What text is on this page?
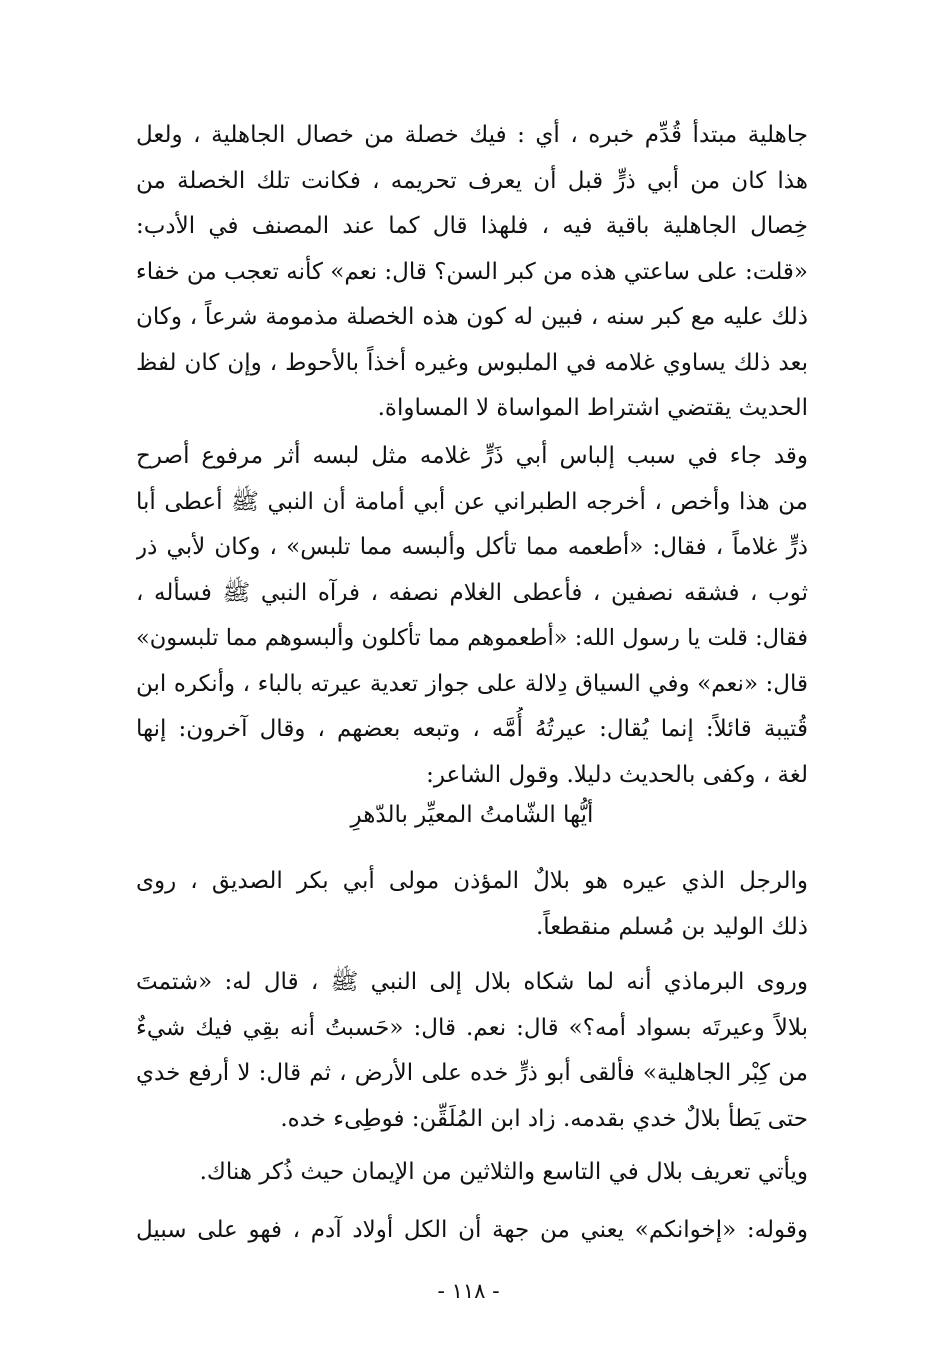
جاهلية مبتدأ قُدِّم خبره ، أي : فيك خصلة من خصال الجاهلية ، ولعل
هذا كان من أبي ذرٍّ قبل أن يعرف تحريمه ، فكانت تلك الخصلة من
خِصال الجاهلية باقية فيه ، فلهذا قال كما عند المصنف في الأدب:
«قلت: على ساعتي هذه من كبر السن؟ قال: نعم» كأنه تعجب من خفاء
ذلك عليه مع كبر سنه ، فبين له كون هذه الخصلة مذمومة شرعاً ، وكان
بعد ذلك يساوي غلامه في الملبوس وغيره أخذاً بالأحوط ، وإن كان لفظ
الحديث يقتضي اشتراط المواساة لا المساواة.
وقد جاء في سبب إلباس أبي ذَرٍّ غلامه مثل لبسه أثر مرفوع أصرح
من هذا وأخص ، أخرجه الطبراني عن أبي أمامة أن النبي ﷺ أعطى أبا
ذرٍّ غلاماً ، فقال: «أطعمه مما تأكل وألبسه مما تلبس» ، وكان لأبي ذر
ثوب ، فشقه نصفين ، فأعطى الغلام نصفه ، فرآه النبي ﷺ فسأله ،
فقال: قلت يا رسول الله: «أطعموهم مما تأكلون وألبسوهم مما تلبسون»
قال: «نعم» وفي السياق دِلالة على جواز تعدية عيرته بالباء ، وأنكره ابن
قُتيبة قائلاً: إنما يُقال: عيرتُهُ أُمَّه ، وتبعه بعضهم ، وقال آخرون: إنها
لغة ، وكفى بالحديث دليلا. وقول الشاعر:
أيُّها الشّامتُ المعيِّر بالدّهرِ
والرجل الذي عيره هو بلالٌ المؤذن مولى أبي بكر الصديق ، روى
ذلك الوليد بن مُسلم منقطعاً.
وروى البرماذي أنه لما شكاه بلال إلى النبي ﷺ ، قال له: «شتمتَ
بلالاً وعيرتَه بسواد أمه؟» قال: نعم. قال: «حَسبتُ أنه بقِي فيك شيءٌ
من كِبْر الجاهلية» فألقى أبو ذرٍّ خده على الأرض ، ثم قال: لا أرفع خدي
حتى يَطأ بلالٌ خدي بقدمه. زاد ابن المُلَقِّن: فوطِىء خده.
ويأتي تعريف بلال في التاسع والثلاثين من الإيمان حيث ذُكر هناك.
وقوله: «إخوانكم» يعني من جهة أن الكل أولاد آدم ، فهو على سبيل
- ١١٨ -
